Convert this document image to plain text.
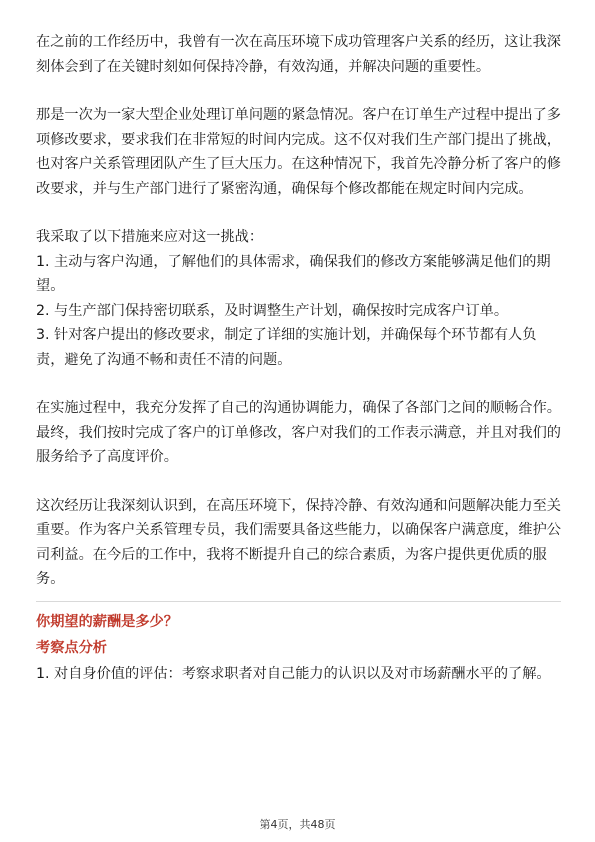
在之前的工作经历中，我曾有一次在高压环境下成功管理客户关系的经历，这让我深刻体会到了在关键时刻如何保持冷静，有效沟通，并解决问题的重要性。

那是一次为一家大型企业处理订单问题的紧急情况。客户在订单生产过程中提出了多项修改要求，要求我们在非常短的时间内完成。这不仅对我们生产部门提出了挑战，也对客户关系管理团队产生了巨大压力。在这种情况下，我首先冷静分析了客户的修改要求，并与生产部门进行了紧密沟通，确保每个修改都能在规定时间内完成。

我采取了以下措施来应对这一挑战：

1. 主动与客户沟通，了解他们的具体需求，确保我们的修改方案能够满足他们的期望。

2. 与生产部门保持密切联系，及时调整生产计划，确保按时完成客户订单。

3. 针对客户提出的修改要求，制定了详细的实施计划，并确保每个环节都有人负责，避免了沟通不畅和责任不清的问题。

在实施过程中，我充分发挥了自己的沟通协调能力，确保了各部门之间的顺畅合作。最终，我们按时完成了客户的订单修改，客户对我们的工作表示满意，并且对我们的服务给予了高度评价。

这次经历让我深刻认识到，在高压环境下，保持冷静、有效沟通和问题解决能力至关重要。作为客户关系管理专员，我们需要具备这些能力，以确保客户满意度，维护公司利益。在今后的工作中，我将不断提升自己的综合素质，为客户提供更优质的服务。

你期望的薪酬是多少？

考察点分析

1. 对自身价值的评估：考察求职者对自己能力的认识以及对市场薪酬水平的了解。

第4页，共48页
